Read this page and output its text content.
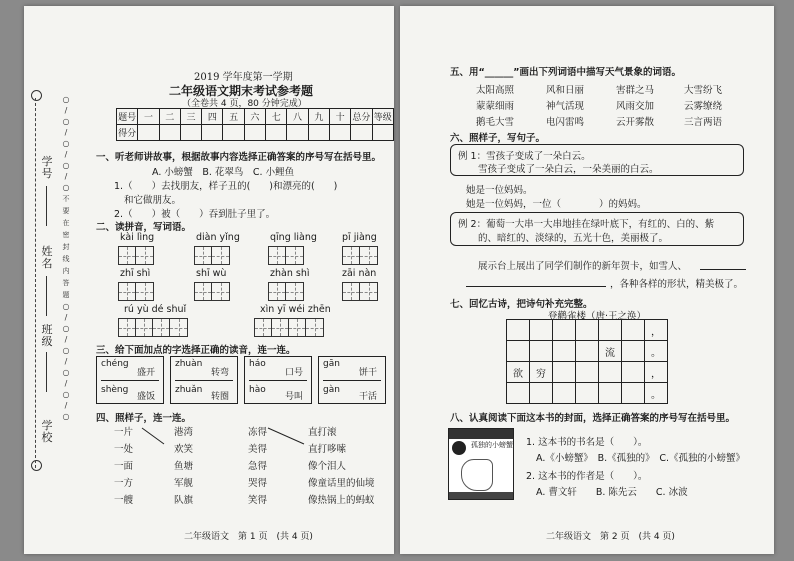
学
号
姓
名
班
级
学
校
○
/
○
/
○
/
○
/
○
不
要
在
密
封
线
内
答
题
○
/
○
/
○
/
○
/
○
/
○
2019 学年度第一学期
二年级语文期末考试参考题
（全卷共 4 页，80 分钟完成）
题号	一	二	三	四	五	六	七	八	九	十	总分	等级
得分												
一、听老师讲故事，根据故事内容选择正确答案的序号写在括号里。
A. 小螃蟹　B. 花翠鸟　C. 小鲤鱼
1.（　　）去找朋友，样子丑的(　　)和漂亮的(　　)
和它做朋友。
2.（　　）被（　　）吞到肚子里了。
二、读拼音，写词语。
kài lìng	diàn yǐng	qīng liàng	pī jiàng
zhī shì	shī wù	zhàn shì	zāi nàn
rú yù dé shuǐ	xìn yī wéi zhēn
三、给下面加点的字选择正确的读音，连一连。
chéng
盛开
shèng
盛饭
zhuàn
转弯
zhuǎn
转圈
háo
口号
hào
号叫
gān
饼干
gàn
干活
四、照样子，连一连。
一片
一处
一面
一方
一艘
港湾
欢笑
鱼塘
军舰
队旗
冻得
美得
急得
哭得
笑得
直打滚
直打哆嗦
像个泪人
像童话里的仙境
像热锅上的蚂蚁
二年级语文　第 1 页　(共 4 页)
五、用“______”画出下列词语中描写天气景象的词语。
太阳高照	风和日丽	害群之马	大雪纷飞
蒙蒙细雨	神气活现	风雨交加	云雾缭绕
鹅毛大雪	电闪雷鸣	云开雾散	三言两语
六、照样子，写句子。
例 1：雪孩子变成了一朵白云。
雪孩子变成了一朵白云，一朵美丽的白云。
她是一位妈妈。
她是一位妈妈，一位（　　　　）的妈妈。
例 2：葡萄一大串一大串地挂在绿叶底下，有红的、白的、紫
的、暗红的、淡绿的，五光十色，美丽极了。
展示台上展出了同学们制作的新年贺卡，如雪人、
，各种各样的形状，精美极了。
七、回忆古诗，把诗句补充完整。
登鹳雀楼（唐·王之涣）
						，
				流		。
欲	穷					，
						。
八、认真阅读下面这本书的封面，选择正确答案的序号写在括号里。
孤独的小螃蟹 1. 这本书的书名是（　　）。
A.《小螃蟹》　B.《孤独的》　C.《孤独的小螃蟹》
2. 这本书的作者是（　　）。
A. 曹文轩　　B. 陈先云　　C. 冰波
二年级语文　第 2 页　(共 4 页)
